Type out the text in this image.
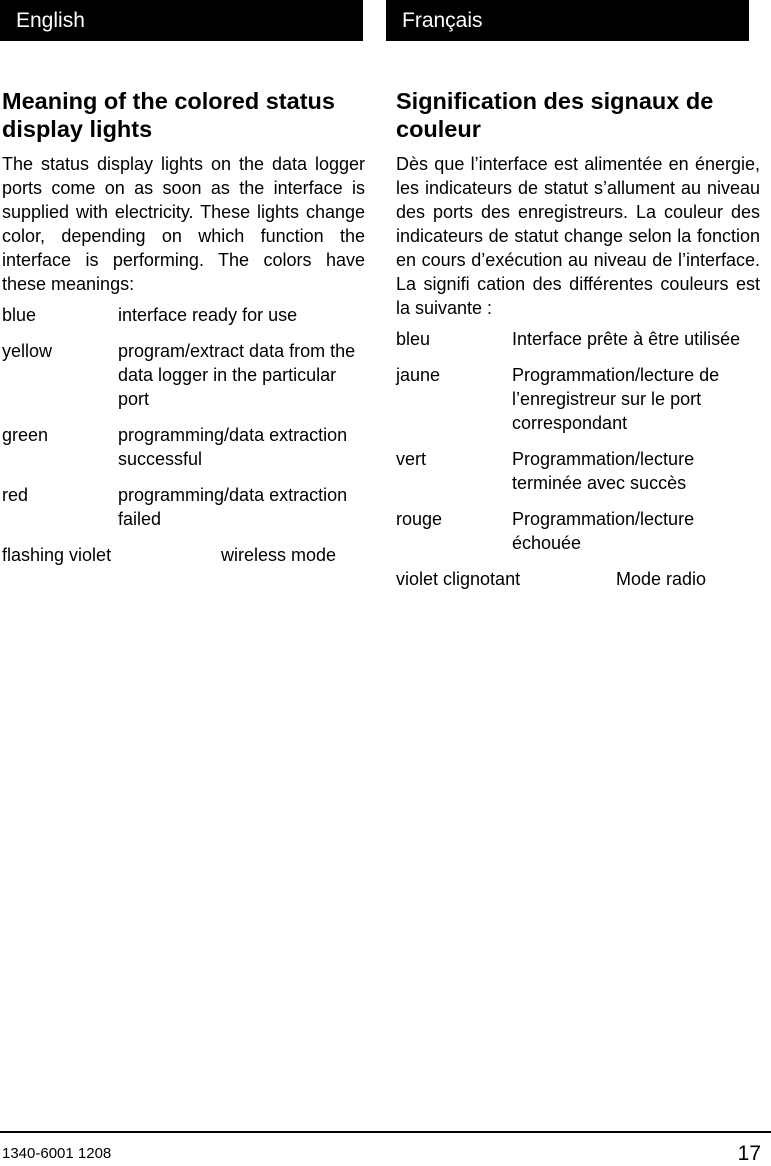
English
Meaning of the colored status display lights

The status display lights on the data logger ports come on as soon as the interface is supplied with electricity. These lights change color, depending on which function the interface is performing. The colors have these meanings:

blue	interface ready for use
yellow	program/extract data from the data logger in the particular port
green	programming/data extraction successful
red	programming/data extraction failed
flashing violet	wireless mode
Français
Signification des signaux de couleur

Dès que l’interface est alimentée en énergie, les indicateurs de statut s’allument au niveau des ports des enregistreurs. La couleur des indicateurs de statut change selon la fonction en cours d’exécution au niveau de l’interface. La signifi cation des différentes couleurs est la suivante :

bleu	Interface prête à être utilisée
jaune	Programmation/lecture de l’enregistreur sur le port correspondant
vert	Programmation/lecture terminée avec succès
rouge	Programmation/lecture échouée
violet clignotant	Mode radio
1340-6001 1208	17
